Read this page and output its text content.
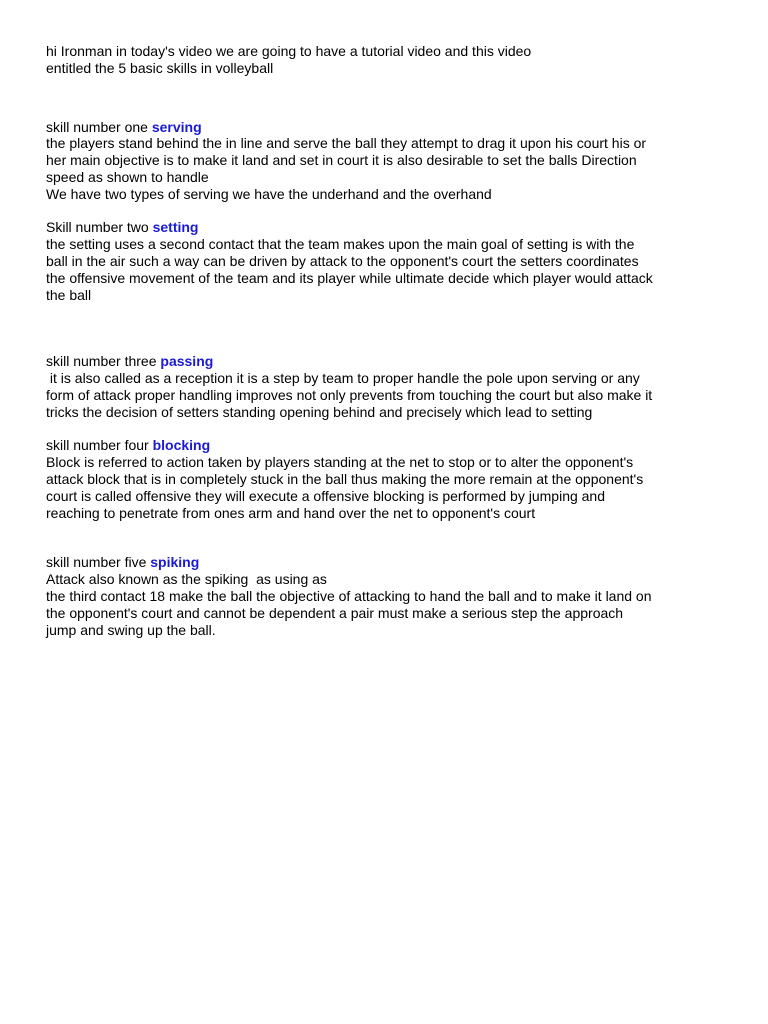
hi Ironman in today's video we are going to have a tutorial video and this video
entitled the 5 basic skills in volleyball
skill number one serving
the players stand behind the in line and serve the ball they attempt to drag it upon his court his or
her main objective is to make it land and set in court it is also desirable to set the balls Direction
speed as shown to handle
We have two types of serving we have the underhand and the overhand
Skill number two setting
the setting uses a second contact that the team makes upon the main goal of setting is with the
ball in the air such a way can be driven by attack to the opponent's court the setters coordinates
the offensive movement of the team and its player while ultimate decide which player would attack
the ball
skill number three passing
it is also called as a reception it is a step by team to proper handle the pole upon serving or any
form of attack proper handling improves not only prevents from touching the court but also make it
tricks the decision of setters standing opening behind and precisely which lead to setting
skill number four blocking
Block is referred to action taken by players standing at the net to stop or to alter the opponent's
attack block that is in completely stuck in the ball thus making the more remain at the opponent's
court is called offensive they will execute a offensive blocking is performed by jumping and
reaching to penetrate from ones arm and hand over the net to opponent's court
skill number five spiking
Attack also known as the spiking  as using as
the third contact 18 make the ball the objective of attacking to hand the ball and to make it land on
the opponent's court and cannot be dependent a pair must make a serious step the approach
jump and swing up the ball.
